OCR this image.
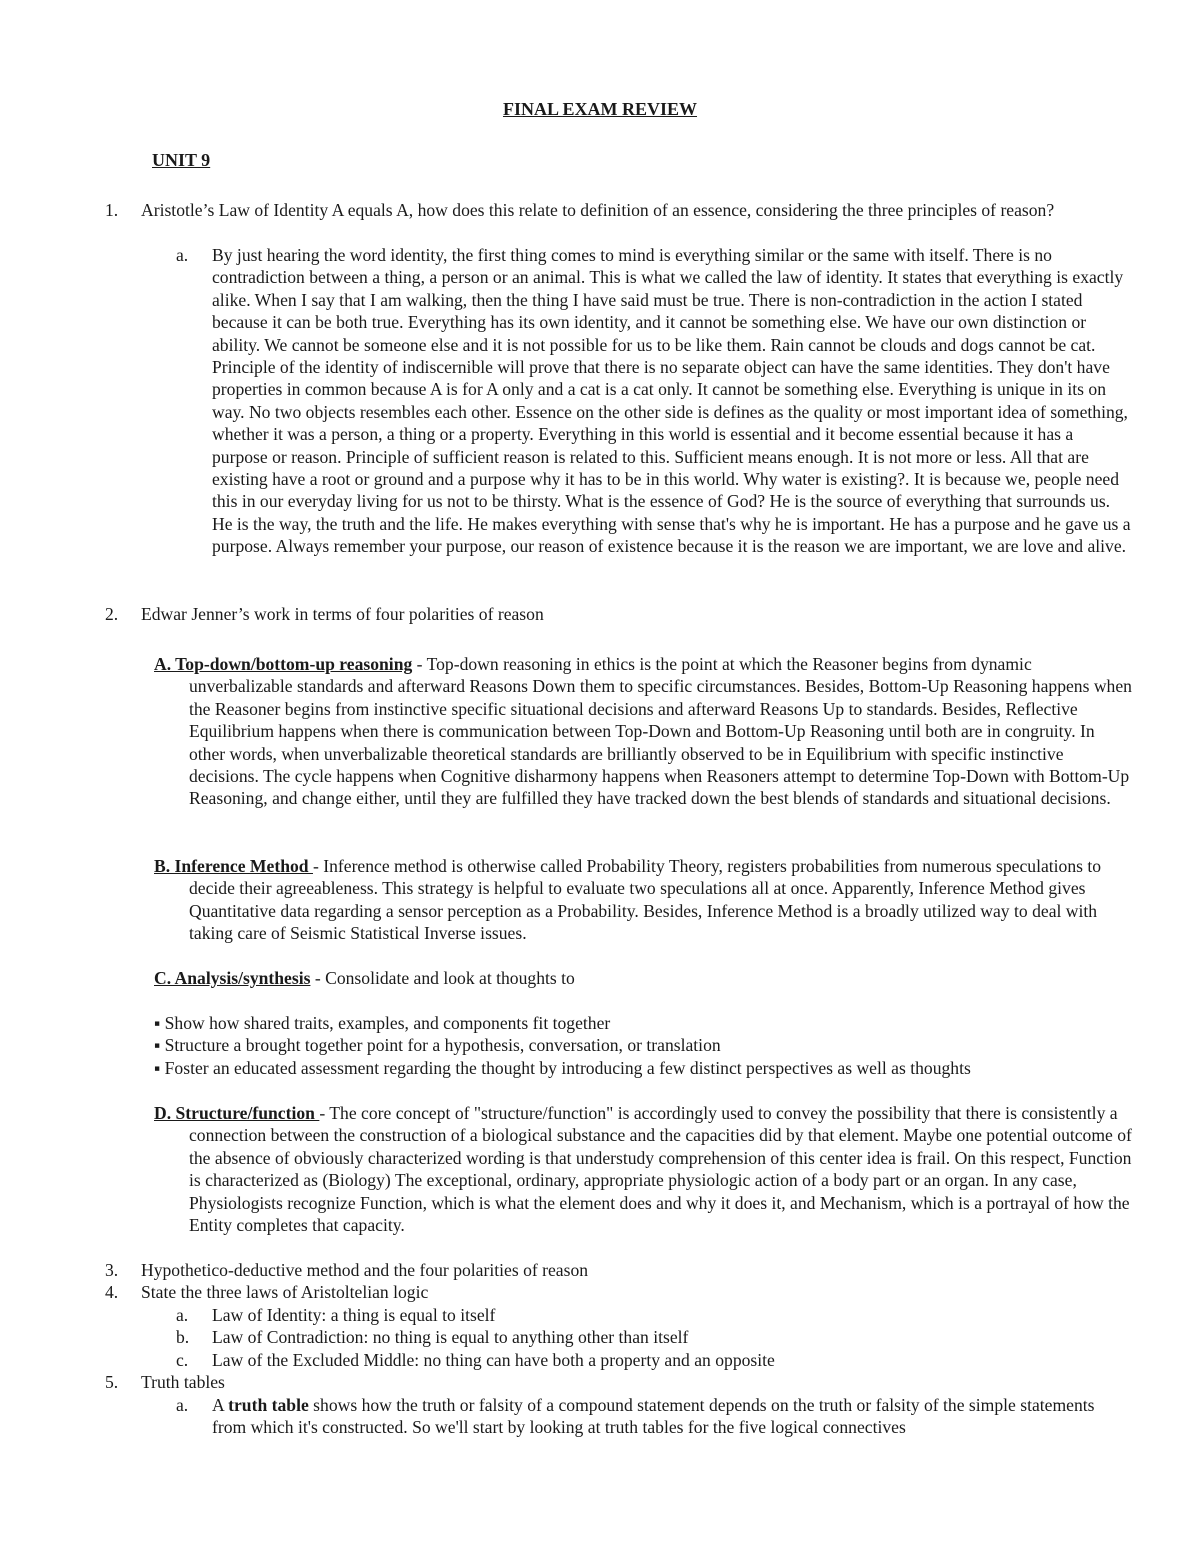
FINAL EXAM REVIEW
UNIT 9
1.	Aristotle’s Law of Identity A equals A, how does this relate to definition of an essence, considering the three principles of reason?
a.	By just hearing the word identity, the first thing comes to mind is everything similar or the same with itself. There is no contradiction between a thing, a person or an animal. This is what we called the law of identity. It states that everything is exactly alike. When I say that I am walking, then the thing I have said must be true. There is non-contradiction in the action I stated because it can be both true. Everything has its own identity, and it cannot be something else. We have our own distinction or ability. We cannot be someone else and it is not possible for us to be like them. Rain cannot be clouds and dogs cannot be cat. Principle of the identity of indiscernible will prove that there is no separate object can have the same identities. They don't have properties in common because A is for A only and a cat is a cat only. It cannot be something else. Everything is unique in its on way. No two objects resembles each other. Essence on the other side is defines as the quality or most important idea of something, whether it was a person, a thing or a property. Everything in this world is essential and it become essential because it has a purpose or reason. Principle of sufficient reason is related to this. Sufficient means enough. It is not more or less. All that are existing have a root or ground and a purpose why it has to be in this world. Why water is existing?. It is because we, people need this in our everyday living for us not to be thirsty. What is the essence of God? He is the source of everything that surrounds us. He is the way, the truth and the life. He makes everything with sense that's why he is important. He has a purpose and he gave us a purpose. Always remember your purpose, our reason of existence because it is the reason we are important, we are love and alive.
2.	Edwar Jenner’s work in terms of four polarities of reason
A. Top-down/bottom-up reasoning - Top-down reasoning in ethics is the point at which the Reasoner begins from dynamic unverbalizable standards and afterward Reasons Down them to specific circumstances. Besides, Bottom-Up Reasoning happens when the Reasoner begins from instinctive specific situational decisions and afterward Reasons Up to standards. Besides, Reflective Equilibrium happens when there is communication between Top-Down and Bottom-Up Reasoning until both are in congruity. In other words, when unverbalizable theoretical standards are brilliantly observed to be in Equilibrium with specific instinctive decisions. The cycle happens when Cognitive disharmony happens when Reasoners attempt to determine Top-Down with Bottom-Up Reasoning, and change either, until they are fulfilled they have tracked down the best blends of standards and situational decisions.
B. Inference Method - Inference method is otherwise called Probability Theory, registers probabilities from numerous speculations to decide their agreeableness. This strategy is helpful to evaluate two speculations all at once. Apparently, Inference Method gives Quantitative data regarding a sensor perception as a Probability. Besides, Inference Method is a broadly utilized way to deal with taking care of Seismic Statistical Inverse issues.
C. Analysis/synthesis - Consolidate and look at thoughts to
▪ Show how shared traits, examples, and components fit together
▪ Structure a brought together point for a hypothesis, conversation, or translation
▪ Foster an educated assessment regarding the thought by introducing a few distinct perspectives as well as thoughts
D. Structure/function - The core concept of "structure/function" is accordingly used to convey the possibility that there is consistently a connection between the construction of a biological substance and the capacities did by that element. Maybe one potential outcome of the absence of obviously characterized wording is that understudy comprehension of this center idea is frail. On this respect, Function is characterized as (Biology) The exceptional, ordinary, appropriate physiologic action of a body part or an organ. In any case, Physiologists recognize Function, which is what the element does and why it does it, and Mechanism, which is a portrayal of how the Entity completes that capacity.
3.	Hypothetico-deductive method and the four polarities of reason
4.	State the three laws of Aristoltelian logic
a.	Law of Identity: a thing is equal to itself
b.	Law of Contradiction: no thing is equal to anything other than itself
c.	Law of the Excluded Middle: no thing can have both a property and an opposite
5.	Truth tables
a.	A truth table shows how the truth or falsity of a compound statement depends on the truth or falsity of the simple statements from which it's constructed. So we'll start by looking at truth tables for the five logical connectives
